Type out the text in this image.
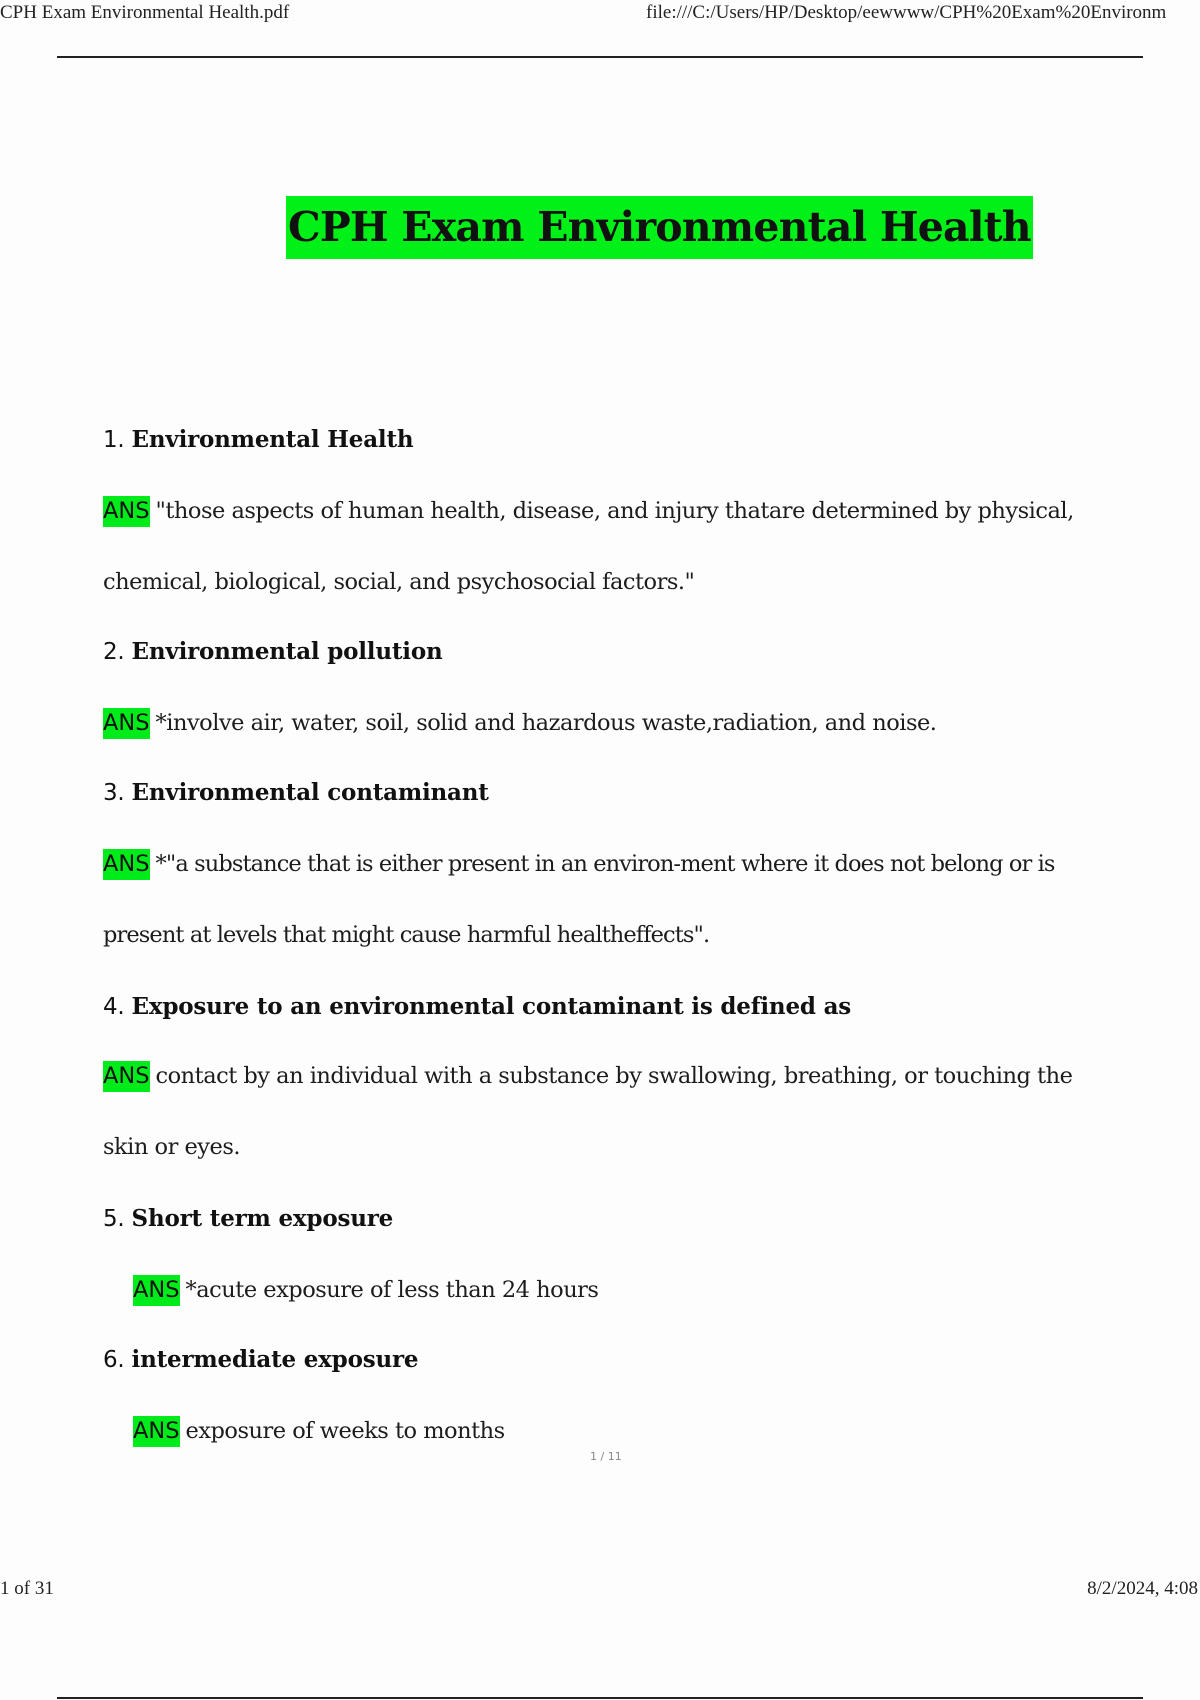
CPH Exam Environmental Health.pdf	file:///C:/Users/HP/Desktop/eewwww/CPH%20Exam%20Environm
CPH Exam Environmental Health
1. Environmental Health
ANS "those aspects of human health, disease, and injury thatare determined by physical, chemical, biological, social, and psychosocial factors."
2. Environmental pollution
ANS *involve air, water, soil, solid and hazardous waste,radiation, and noise.
3. Environmental contaminant
ANS *"a substance that is either present in an environ-ment where it does not belong or is present at levels that might cause harmful healtheffects".
4. Exposure to an environmental contaminant is defined as
ANS contact by an individual with a substance by swallowing, breathing, or touching the skin or eyes.
5. Short term exposure
ANS *acute exposure of less than 24 hours
6. intermediate exposure
ANS exposure of weeks to months
1 / 11
1 of 31	8/2/2024, 4:08
